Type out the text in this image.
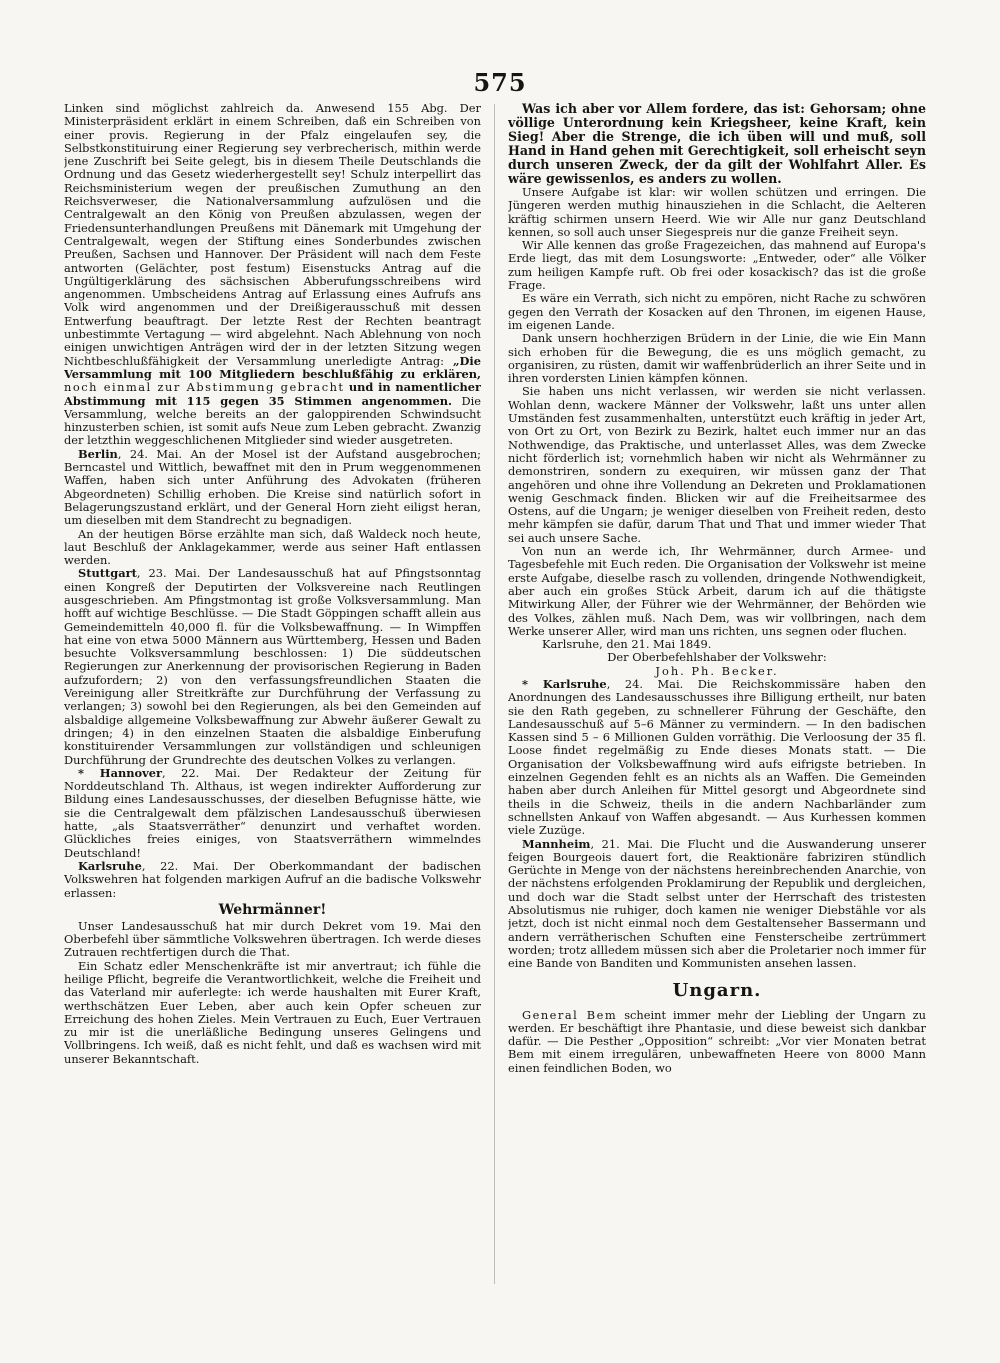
575

Linken sind möglichst zahlreich da. Anwesend 155 Abg. Der Ministerpräsident erklärt in einem Schreiben, daß ein Schreiben von einer provis. Regierung in der Pfalz eingelaufen sey, die Selbstkonstituirung einer Regierung sey verbrecherisch, mithin werde jene Zuschrift bei Seite gelegt, bis in diesem Theile Deutschlands die Ordnung und das Gesetz wiederhergestellt sey! Schulz interpellirt das Reichsministerium wegen der preußischen Zumuthung an den Reichsverweser, die Nationalversammlung aufzulösen und die Centralgewalt an den König von Preußen abzulassen, wegen der Friedensunterhandlungen Preußens mit Dänemark mit Umgehung der Centralgewalt, wegen der Stiftung eines Sonderbundes zwischen Preußen, Sachsen und Hannover. Der Präsident will nach dem Feste antworten (Gelächter, post festum) Eisenstucks Antrag auf die Ungültigerklärung des sächsischen Abberufungsschreibens wird angenommen. Umbscheidens Antrag auf Erlassung eines Aufrufs ans Volk wird angenommen und der Dreißigerausschuß mit dessen Entwerfung beauftragt. Der letzte Rest der Rechten beantragt unbestimmte Vertagung — wird abgelehnt. Nach Ablehnung von noch einigen unwichtigen Anträgen wird der in der letzten Sitzung wegen Nichtbeschlußfähigkeit der Versammlung unerledigte Antrag: „Die Versammlung mit 100 Mitgliedern beschlußfähig zu erklären, noch einmal zur Abstimmung gebracht und in namentlicher Abstimmung mit 115 gegen 35 Stimmen angenommen. Die Versammlung, welche bereits an der galoppirenden Schwindsucht hinzusterben schien, ist somit aufs Neue zum Leben gebracht. Zwanzig der letzthin weggeschlichenen Mitglieder sind wieder ausgetreten.

Berlin, 24. Mai. An der Mosel ist der Aufstand ausgebrochen; Berncastel und Wittlich, bewaffnet mit den in Prum weggenommenen Waffen, haben sich unter Anführung des Advokaten (früheren Abgeordneten) Schillig erhoben. Die Kreise sind natürlich sofort in Belagerungszustand erklärt, und der General Horn zieht eiligst heran, um dieselben mit dem Standrecht zu begnadigen.

An der heutigen Börse erzählte man sich, daß Waldeck noch heute, laut Beschluß der Anklagekammer, werde aus seiner Haft entlassen werden.

Stuttgart, 23. Mai. Der Landesausschuß hat auf Pfingstsonntag einen Kongreß der Deputirten der Volksvereine nach Reutlingen ausgeschrieben. Am Pfingstmontag ist große Volksversammlung. Man hofft auf wichtige Beschlüsse. — Die Stadt Göppingen schafft allein aus Gemeindemitteln 40,000 fl. für die Volksbewaffnung. — In Wimpffen hat eine von etwa 5000 Männern aus Württemberg, Hessen und Baden besuchte Volksversammlung beschlossen: 1) Die süddeutschen Regierungen zur Anerkennung der provisorischen Regierung in Baden aufzufordern; 2) von den verfassungsfreundlichen Staaten die Vereinigung aller Streitkräfte zur Durchführung der Verfassung zu verlangen; 3) sowohl bei den Regierungen, als bei den Gemeinden auf alsbaldige allgemeine Volksbewaffnung zur Abwehr äußerer Gewalt zu dringen; 4) in den einzelnen Staaten die alsbaldige Einberufung konstituirender Versammlungen zur vollständigen und schleunigen Durchführung der Grundrechte des deutschen Volkes zu verlangen.

* Hannover, 22. Mai. Der Redakteur der Zeitung für Norddeutschland Th. Althaus, ist wegen indirekter Aufforderung zur Bildung eines Landesausschusses, der dieselben Befugnisse hätte, wie sie die Centralgewalt dem pfälzischen Landesausschuß überwiesen hatte, „als Staatsverräther“ denunzirt und verhaftet worden. Glückliches freies einiges, von Staatsverräthern wimmelndes Deutschland!

Karlsruhe, 22. Mai. Der Oberkommandant der badischen Volkswehren hat folgenden markigen Aufruf an die badische Volkswehr erlassen:

Wehrmänner!

Unser Landesausschuß hat mir durch Dekret vom 19. Mai den Oberbefehl über sämmtliche Volkswehren übertragen. Ich werde dieses Zutrauen rechtfertigen durch die That.

Ein Schatz edler Menschenkräfte ist mir anvertraut; ich fühle die heilige Pflicht, begreife die Verantwortlichkeit, welche die Freiheit und das Vaterland mir auferlegte: ich werde haushalten mit Eurer Kraft, werthschätzen Euer Leben, aber auch kein Opfer scheuen zur Erreichung des hohen Zieles. Mein Vertrauen zu Euch, Euer Vertrauen zu mir ist die unerläßliche Bedingung unseres Gelingens und Vollbringens. Ich weiß, daß es nicht fehlt, und daß es wachsen wird mit unserer Bekanntschaft.

Was ich aber vor Allem fordere, das ist: Gehorsam; ohne völlige Unterordnung kein Kriegsheer, keine Kraft, kein Sieg! Aber die Strenge, die ich üben will und muß, soll Hand in Hand gehen mit Gerechtigkeit, soll erheischt seyn durch unseren Zweck, der da gilt der Wohlfahrt Aller. Es wäre gewissenlos, es anders zu wollen.

Unsere Aufgabe ist klar: wir wollen schützen und erringen. Die Jüngeren werden muthig hinausziehen in die Schlacht, die Aelteren kräftig schirmen unsern Heerd. Wie wir Alle nur ganz Deutschland kennen, so soll auch unser Siegespreis nur die ganze Freiheit seyn.

Wir Alle kennen das große Fragezeichen, das mahnend auf Europa's Erde liegt, das mit dem Losungsworte: „Entweder, oder“ alle Völker zum heiligen Kampfe ruft. Ob frei oder kosackisch? das ist die große Frage.

Es wäre ein Verrath, sich nicht zu empören, nicht Rache zu schwören gegen den Verrath der Kosacken auf den Thronen, im eigenen Hause, im eigenen Lande.

Dank unsern hochherzigen Brüdern in der Linie, die wie Ein Mann sich erhoben für die Bewegung, die es uns möglich gemacht, zu organisiren, zu rüsten, damit wir waffenbrüderlich an ihrer Seite und in ihren vordersten Linien kämpfen können.

Sie haben uns nicht verlassen, wir werden sie nicht verlassen. Wohlan denn, wackere Männer der Volkswehr, laßt uns unter allen Umständen fest zusammenhalten, unterstützt euch kräftig in jeder Art, von Ort zu Ort, von Bezirk zu Bezirk, haltet euch immer nur an das Nothwendige, das Praktische, und unterlasset Alles, was dem Zwecke nicht förderlich ist; vornehmlich haben wir nicht als Wehrmänner zu demonstriren, sondern zu exequiren, wir müssen ganz der That angehören und ohne ihre Vollendung an Dekreten und Proklamationen wenig Geschmack finden. Blicken wir auf die Freiheitsarmee des Ostens, auf die Ungarn; je weniger dieselben von Freiheit reden, desto mehr kämpfen sie dafür, darum That und That und immer wieder That sei auch unsere Sache.

Von nun an werde ich, Ihr Wehrmänner, durch Armee- und Tagesbefehle mit Euch reden. Die Organisation der Volkswehr ist meine erste Aufgabe, dieselbe rasch zu vollenden, dringende Nothwendigkeit, aber auch ein großes Stück Arbeit, darum ich auf die thätigste Mitwirkung Aller, der Führer wie der Wehrmänner, der Behörden wie des Volkes, zählen muß. Nach Dem, was wir vollbringen, nach dem Werke unserer Aller, wird man uns richten, uns segnen oder fluchen.

Karlsruhe, den 21. Mai 1849.

Der Oberbefehlshaber der Volkswehr:

Joh. Ph. Becker.

* Karlsruhe, 24. Mai. Die Reichskommissäre haben den Anordnungen des Landesausschusses ihre Billigung ertheilt, nur baten sie den Rath gegeben, zu schnellerer Führung der Geschäfte, den Landesausschuß auf 5–6 Männer zu vermindern. — In den badischen Kassen sind 5 – 6 Millionen Gulden vorräthig. Die Verloosung der 35 fl. Loose findet regelmäßig zu Ende dieses Monats statt. — Die Organisation der Volksbewaffnung wird aufs eifrigste betrieben. In einzelnen Gegenden fehlt es an nichts als an Waffen. Die Gemeinden haben aber durch Anleihen für Mittel gesorgt und Abgeordnete sind theils in die Schweiz, theils in die andern Nachbarländer zum schnellsten Ankauf von Waffen abgesandt. — Aus Kurhessen kommen viele Zuzüge.

Mannheim, 21. Mai. Die Flucht und die Auswanderung unserer feigen Bourgeois dauert fort, die Reaktionäre fabriziren stündlich Gerüchte in Menge von der nächstens hereinbrechenden Anarchie, von der nächstens erfolgenden Proklamirung der Republik und dergleichen, und doch war die Stadt selbst unter der Herrschaft des tristesten Absolutismus nie ruhiger, doch kamen nie weniger Diebstähle vor als jetzt, doch ist nicht einmal noch dem Gestaltenseher Bassermann und andern verrätherischen Schuften eine Fensterscheibe zertrümmert worden; trotz allledem müssen sich aber die Proletarier noch immer für eine Bande von Banditen und Kommunisten ansehen lassen.

Ungarn.

General Bem scheint immer mehr der Liebling der Ungarn zu werden. Er beschäftigt ihre Phantasie, und diese beweist sich dankbar dafür. — Die Pesther „Opposition“ schreibt: „Vor vier Monaten betrat Bem mit einem irregulären, unbewaffneten Heere von 8000 Mann einen feindlichen Boden, wo
